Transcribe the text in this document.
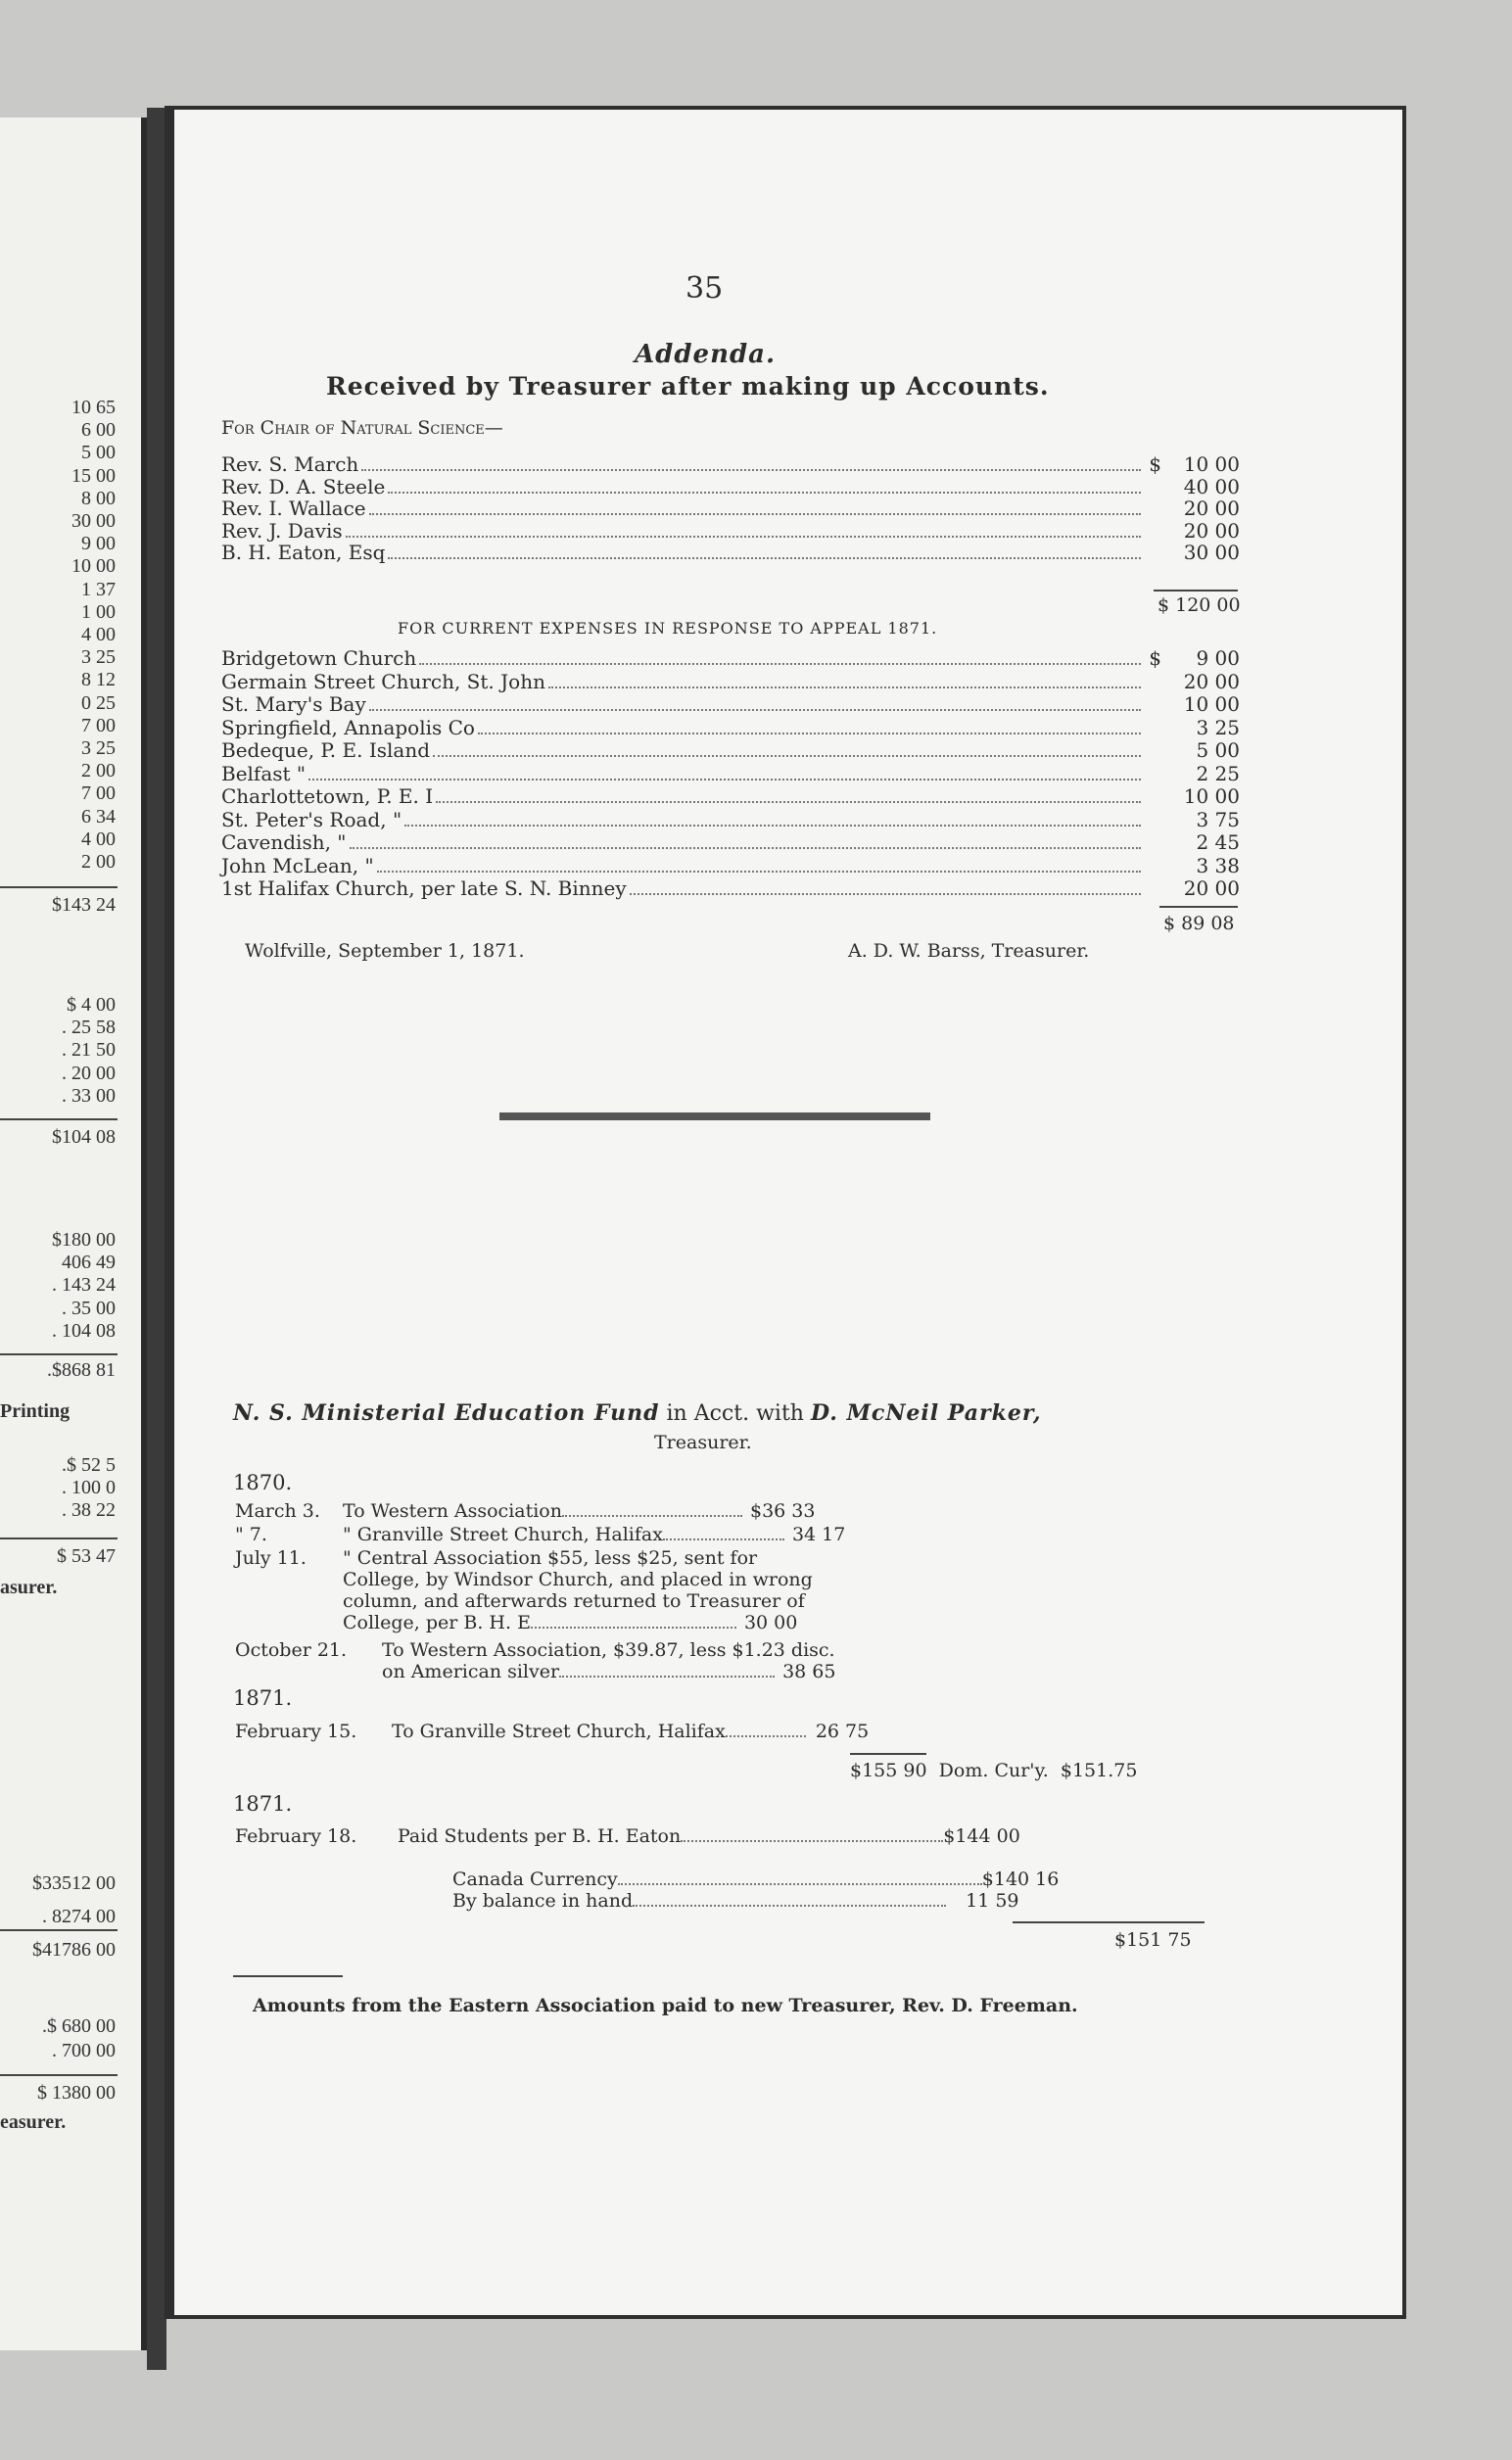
10 65
6 00
5 00
15 00
8 00
30 00
9 00
10 00
1 37
1 00
4 00
3 25
8 12
0 25
7 00
3 25
2 00
7 00
6 34
4 00
2 00
$143 24
$ 4 00
. 25 58
. 21 50
. 20 00
. 33 00
$104 08
$180 00
406 49
. 143 24
. 35 00
. 104 08
.$868 81
Printing
.$ 52 5
. 100 0
. 38 22
$ 53 47
asurer.
$33512 00
. 8274 00
$41786 00
.$ 680 00
. 700 00
$ 1380 00
easurer.
35
Addenda.
Received by Treasurer after making up Accounts.
For Chair of Natural Science—
Rev. S. March	$	10 00
Rev. D. A. Steele	40 00
Rev. I. Wallace	20 00
Rev. J. Davis	20 00
B. H. Eaton, Esq	30 00
$ 120 00
FOR CURRENT EXPENSES IN RESPONSE TO APPEAL 1871.
Bridgetown Church	$	9 00
Germain Street Church, St. John	20 00
St. Mary's Bay	10 00
Springfield, Annapolis Co	3 25
Bedeque, P. E. Island	5 00
Belfast "	2 25
Charlottetown, P. E. I	10 00
St. Peter's Road, "	3 75
Cavendish, "	2 45
John McLean, "	3 38
1st Halifax Church, per late S. N. Binney	20 00
$ 89 08
Wolfville, September 1, 1871.	A. D. W. Barss, Treasurer.
N. S. Ministerial Education Fund in Acct. with D. McNeil Parker,
Treasurer.
1870.
March 3. To Western Association	$36 33
" 7.	" Granville Street Church, Halifax	34 17
July 11. " Central Association $55, less $25, sent for
College, by Windsor Church, and placed in wrong
column, and afterwards returned to Treasurer of
College, per B. H. E	30 00
October 21. To Western Association, $39.87, less $1.23 disc.
on American silver	38 65
1871.
February 15. To Granville Street Church, Halifax	26 75
$155 90 Dom. Cur'y. $151.75
1871.
February 18. Paid Students per B. H. Eaton	$144 00
Canada Currency	$140 16
By balance in hand	11 59
$151 75
Amounts from the Eastern Association paid to new Treasurer, Rev. D. Freeman.
